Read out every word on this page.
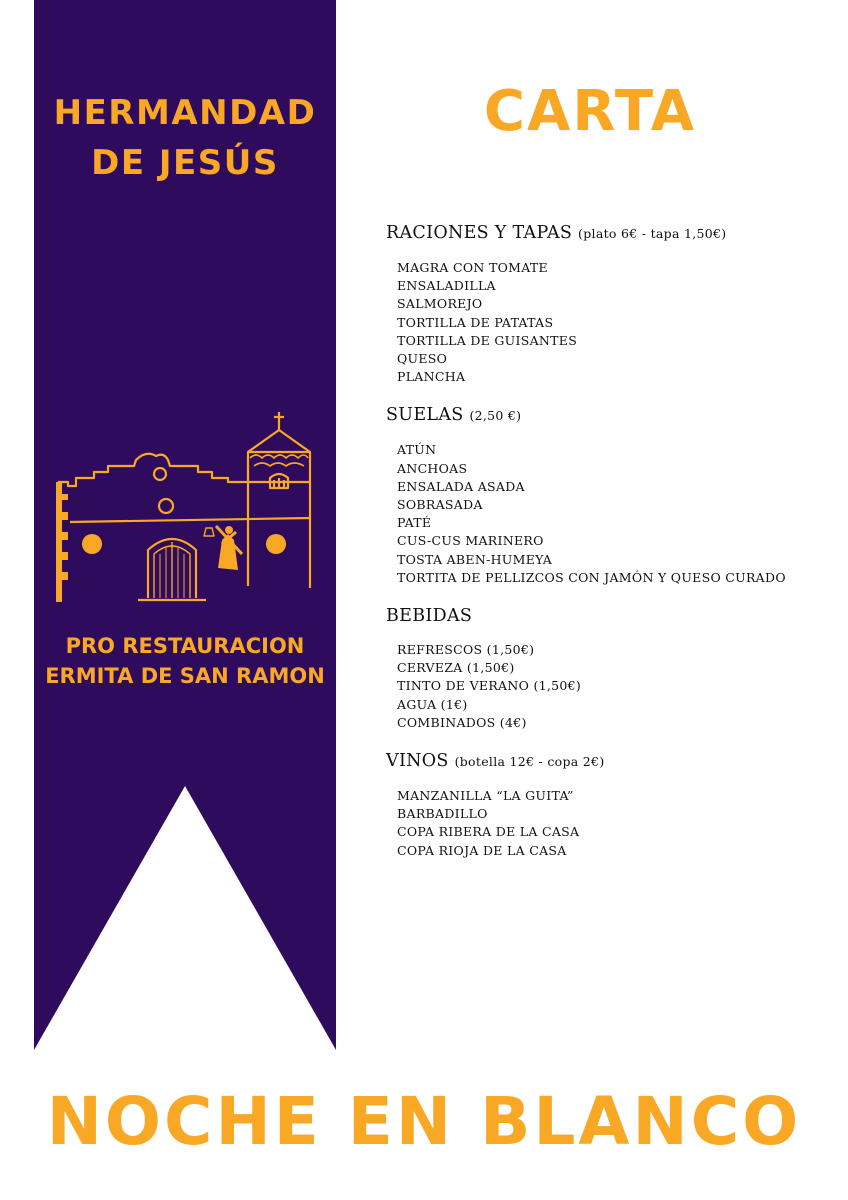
HERMANDAD
DE JESÚS
PRO RESTAURACION
ERMITA DE SAN RAMON
CARTA
RACIONES Y TAPAS (plato 6€ - tapa 1,50€)
MAGRA CON TOMATE
ENSALADILLA
SALMOREJO
TORTILLA DE PATATAS
TORTILLA DE GUISANTES
QUESO
PLANCHA
SUELAS (2,50 €)
ATÚN
ANCHOAS
ENSALADA ASADA
SOBRASADA
PATÉ
CUS-CUS MARINERO
TOSTA ABEN-HUMEYA
TORTITA DE PELLIZCOS CON JAMÓN Y QUESO CURADO
BEBIDAS
REFRESCOS (1,50€)
CERVEZA (1,50€)
TINTO DE VERANO (1,50€)
AGUA (1€)
COMBINADOS (4€)
VINOS (botella 12€ - copa 2€)
MANZANILLA “LA GUITA”
BARBADILLO
COPA RIBERA DE LA CASA
COPA RIOJA DE LA CASA
NOCHE EN BLANCO
